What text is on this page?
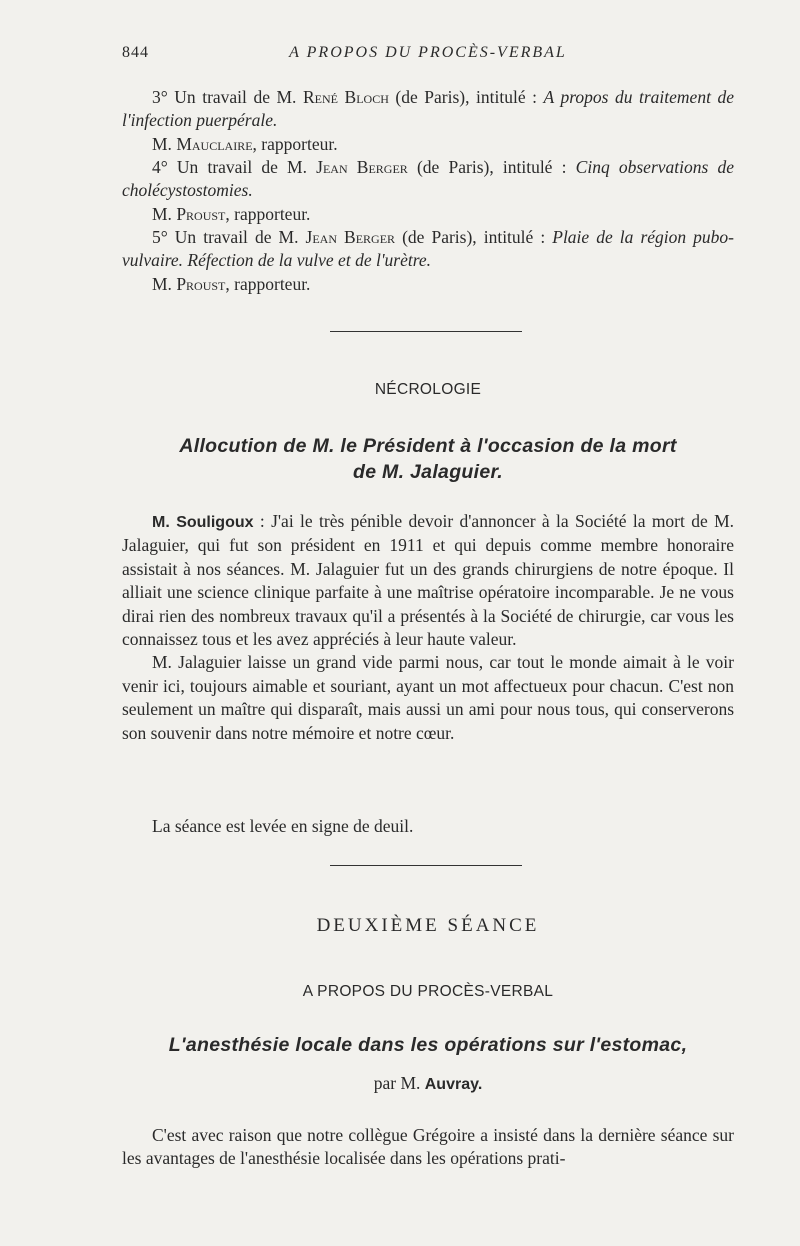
844	A PROPOS DU PROCÈS-VERBAL

3° Un travail de M. René Bloch (de Paris), intitulé : A propos du traitement de l'infection puerpérale.

M. Mauclaire, rapporteur.

4° Un travail de M. Jean Berger (de Paris), intitulé : Cinq observations de cholécystostomies.

M. Proust, rapporteur.

5° Un travail de M. Jean Berger (de Paris), intitulé : Plaie de la région pubo-vulvaire. Réfection de la vulve et de l'urètre.

M. Proust, rapporteur.

NÉCROLOGIE
Allocution de M. le Président à l'occasion de la mort
de M. Jalaguier.

M. Souligoux : J'ai le très pénible devoir d'annoncer à la Société la mort de M. Jalaguier, qui fut son président en 1911 et qui depuis comme membre honoraire assistait à nos séances. M. Jalaguier fut un des grands chirurgiens de notre époque. Il alliait une science clinique parfaite à une maîtrise opératoire incomparable. Je ne vous dirai rien des nombreux travaux qu'il a présentés à la Société de chirurgie, car vous les connaissez tous et les avez appréciés à leur haute valeur.

M. Jalaguier laisse un grand vide parmi nous, car tout le monde aimait à le voir venir ici, toujours aimable et souriant, ayant un mot affectueux pour chacun. C'est non seulement un maître qui disparaît, mais aussi un ami pour nous tous, qui conserverons son souvenir dans notre mémoire et notre cœur.

La séance est levée en signe de deuil.

DEUXIÈME SÉANCE
A PROPOS DU PROCÈS-VERBAL
L'anesthésie locale dans les opérations sur l'estomac,
par M. Auvray.

C'est avec raison que notre collègue Grégoire a insisté dans la dernière séance sur les avantages de l'anesthésie localisée dans les opérations prati-
